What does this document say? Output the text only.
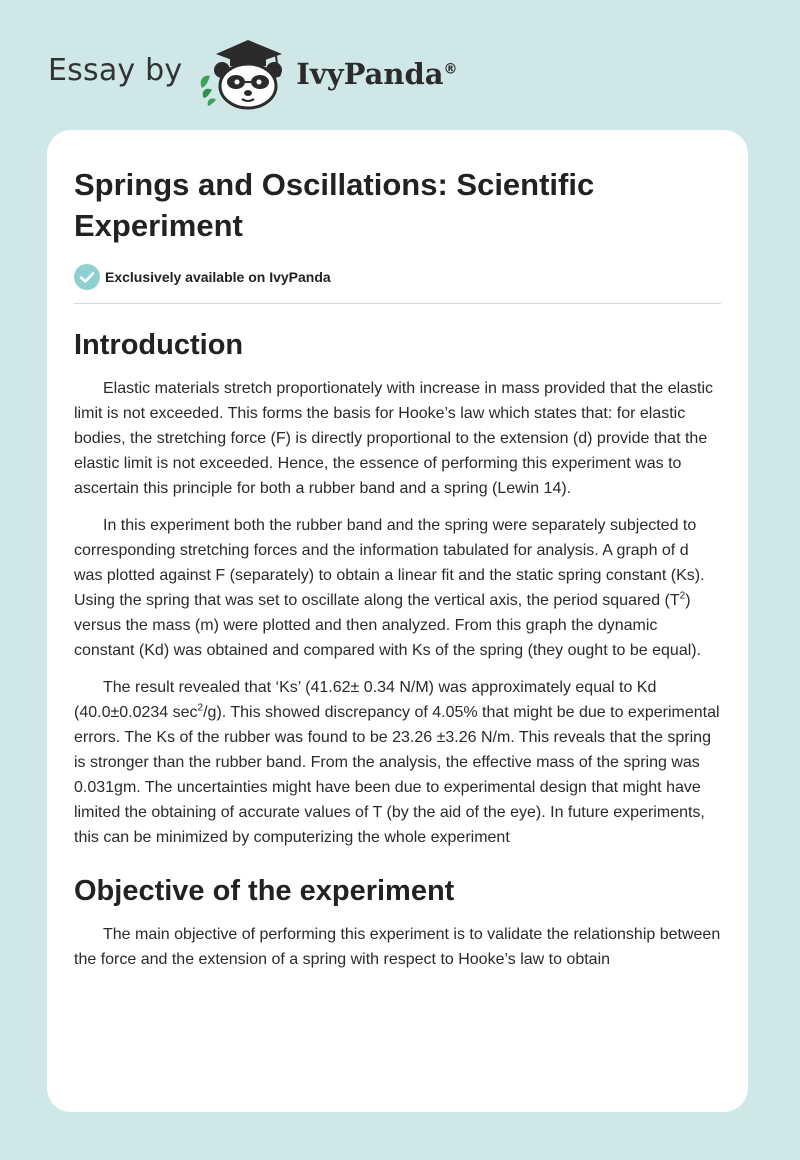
Essay by	IvyPanda®
Springs and Oscillations: Scientific Experiment
Exclusively available on IvyPanda
Introduction

Elastic materials stretch proportionately with increase in mass provided that the elastic limit is not exceeded. This forms the basis for Hooke’s law which states that: for elastic bodies, the stretching force (F) is directly proportional to the extension (d) provide that the elastic limit is not exceeded. Hence, the essence of performing this experiment was to ascertain this principle for both a rubber band and a spring (Lewin 14).

In this experiment both the rubber band and the spring were separately subjected to corresponding stretching forces and the information tabulated for analysis. A graph of d was plotted against F (separately) to obtain a linear fit and the static spring constant (Ks). Using the spring that was set to oscillate along the vertical axis, the period squared $(T^2)$ versus the mass (m) were plotted and then analyzed. From this graph the dynamic constant (Kd) was obtained and compared with Ks of the spring (they ought to be equal).

The result revealed that ‘Ks’ (41.62± 0.34 N/M) was approximately equal to Kd (40.0±0.0234 $\sec^2/g$). This showed discrepancy of 4.05% that might be due to experimental errors. The Ks of the rubber was found to be 23.26 ±3.26 N/m. This reveals that the spring is stronger than the rubber band. From the analysis, the effective mass of the spring was 0.031gm. The uncertainties might have been due to experimental design that might have limited the obtaining of accurate values of T (by the aid of the eye). In future experiments, this can be minimized by computerizing the whole experiment

Objective of the experiment

The main objective of performing this experiment is to validate the relationship between the force and the extension of a spring with respect to Hooke’s law to obtain
